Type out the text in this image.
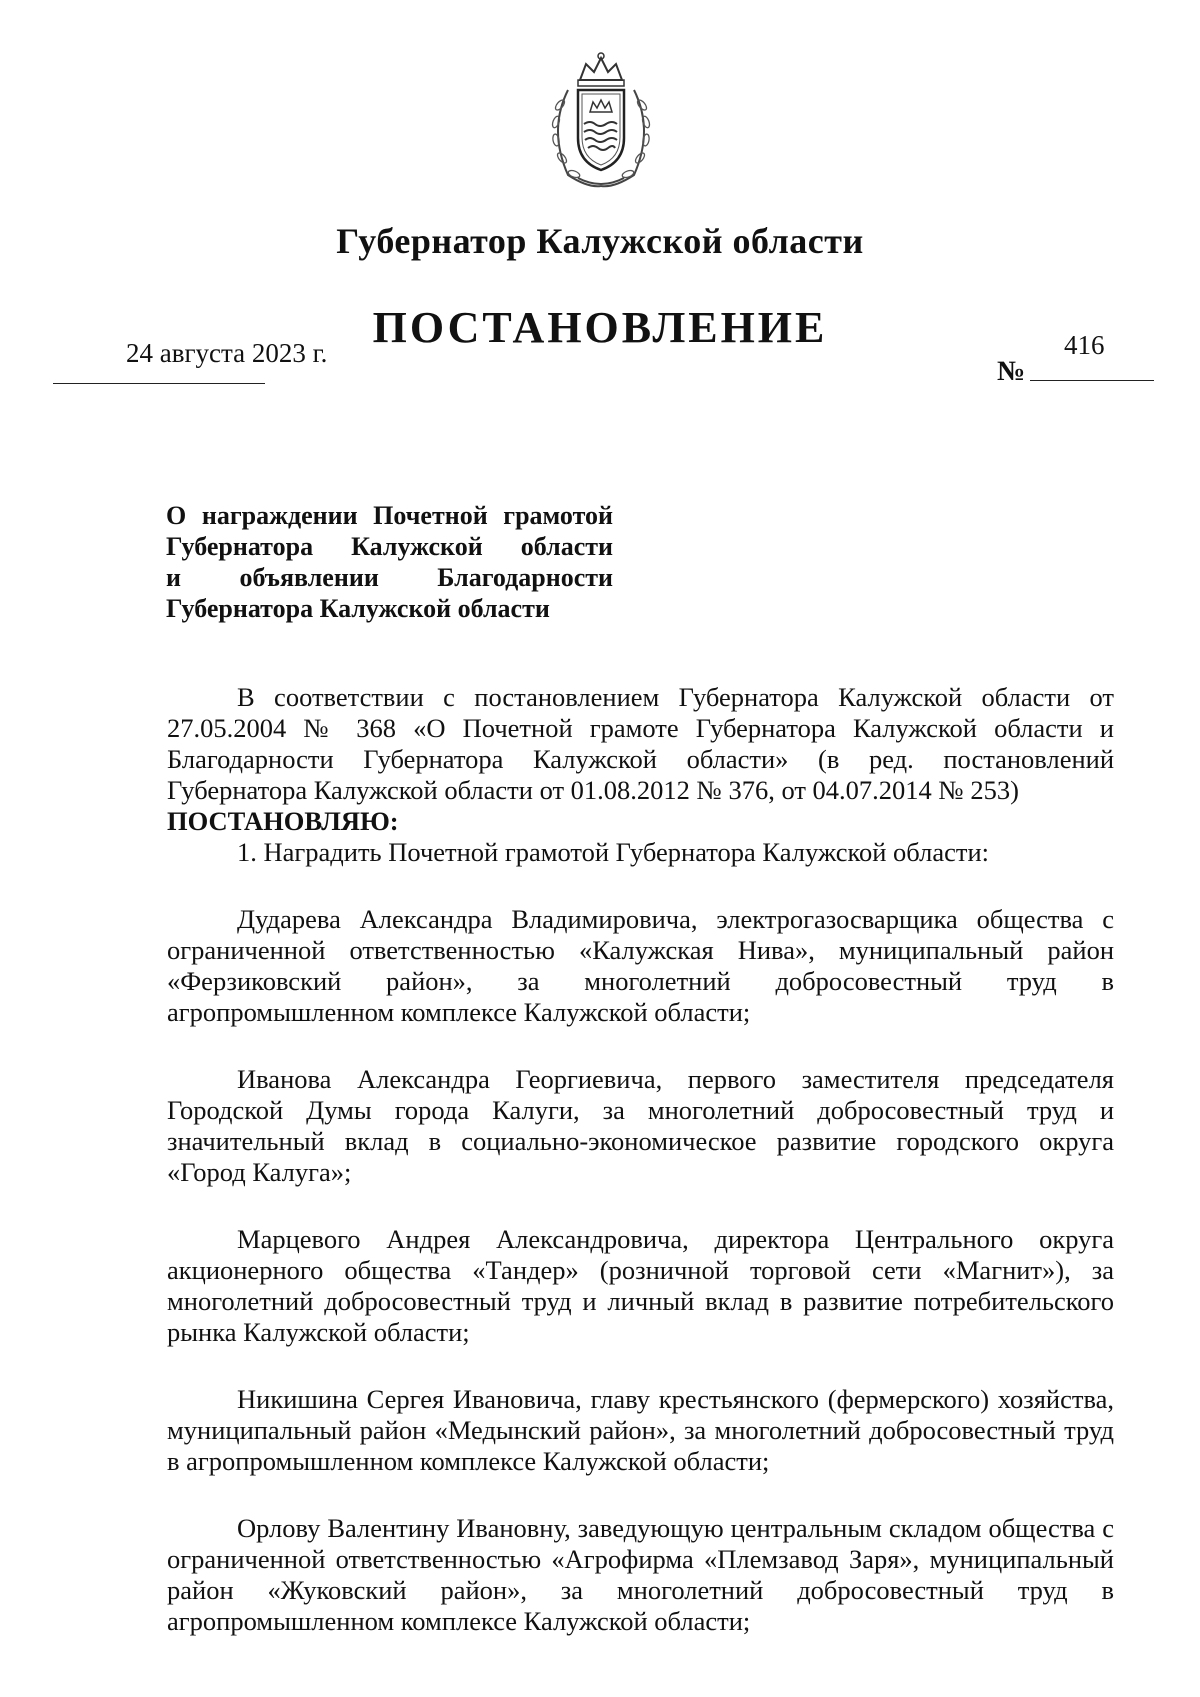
Губернатор Калужской области
ПОСТАНОВЛЕНИЕ
24 августа 2023 г.
№
416
О награждении Почетной грамотой
Губернатора Калужской области
и объявлении Благодарности
Губернатора Калужской области

В соответствии с постановлением Губернатора Калужской области от 27.05.2004 № 368 «О Почетной грамоте Губернатора Калужской области и Благодарности Губернатора Калужской области» (в ред. постановлений Губернатора Калужской области от 01.08.2012 № 376, от 04.07.2014 № 253)

ПОСТАНОВЛЯЮ:

1. Наградить Почетной грамотой Губернатора Калужской области:

Дударева Александра Владимировича, электрогазосварщика общества с ограниченной ответственностью «Калужская Нива», муниципальный район «Ферзиковский район», за многолетний добросовестный труд в агропромышленном комплексе Калужской области;

Иванова Александра Георгиевича, первого заместителя председателя Городской Думы города Калуги, за многолетний добросовестный труд и значительный вклад в социально-экономическое развитие городского округа «Город Калуга»;

Марцевого Андрея Александровича, директора Центрального округа акционерного общества «Тандер» (розничной торговой сети «Магнит»), за многолетний добросовестный труд и личный вклад в развитие потребительского рынка Калужской области;

Никишина Сергея Ивановича, главу крестьянского (фермерского) хозяйства, муниципальный район «Медынский район», за многолетний добросовестный труд в агропромышленном комплексе Калужской области;

Орлову Валентину Ивановну, заведующую центральным складом общества с ограниченной ответственностью «Агрофирма «Племзавод Заря», муниципальный район «Жуковский район», за многолетний добросовестный труд в агропромышленном комплексе Калужской области;
